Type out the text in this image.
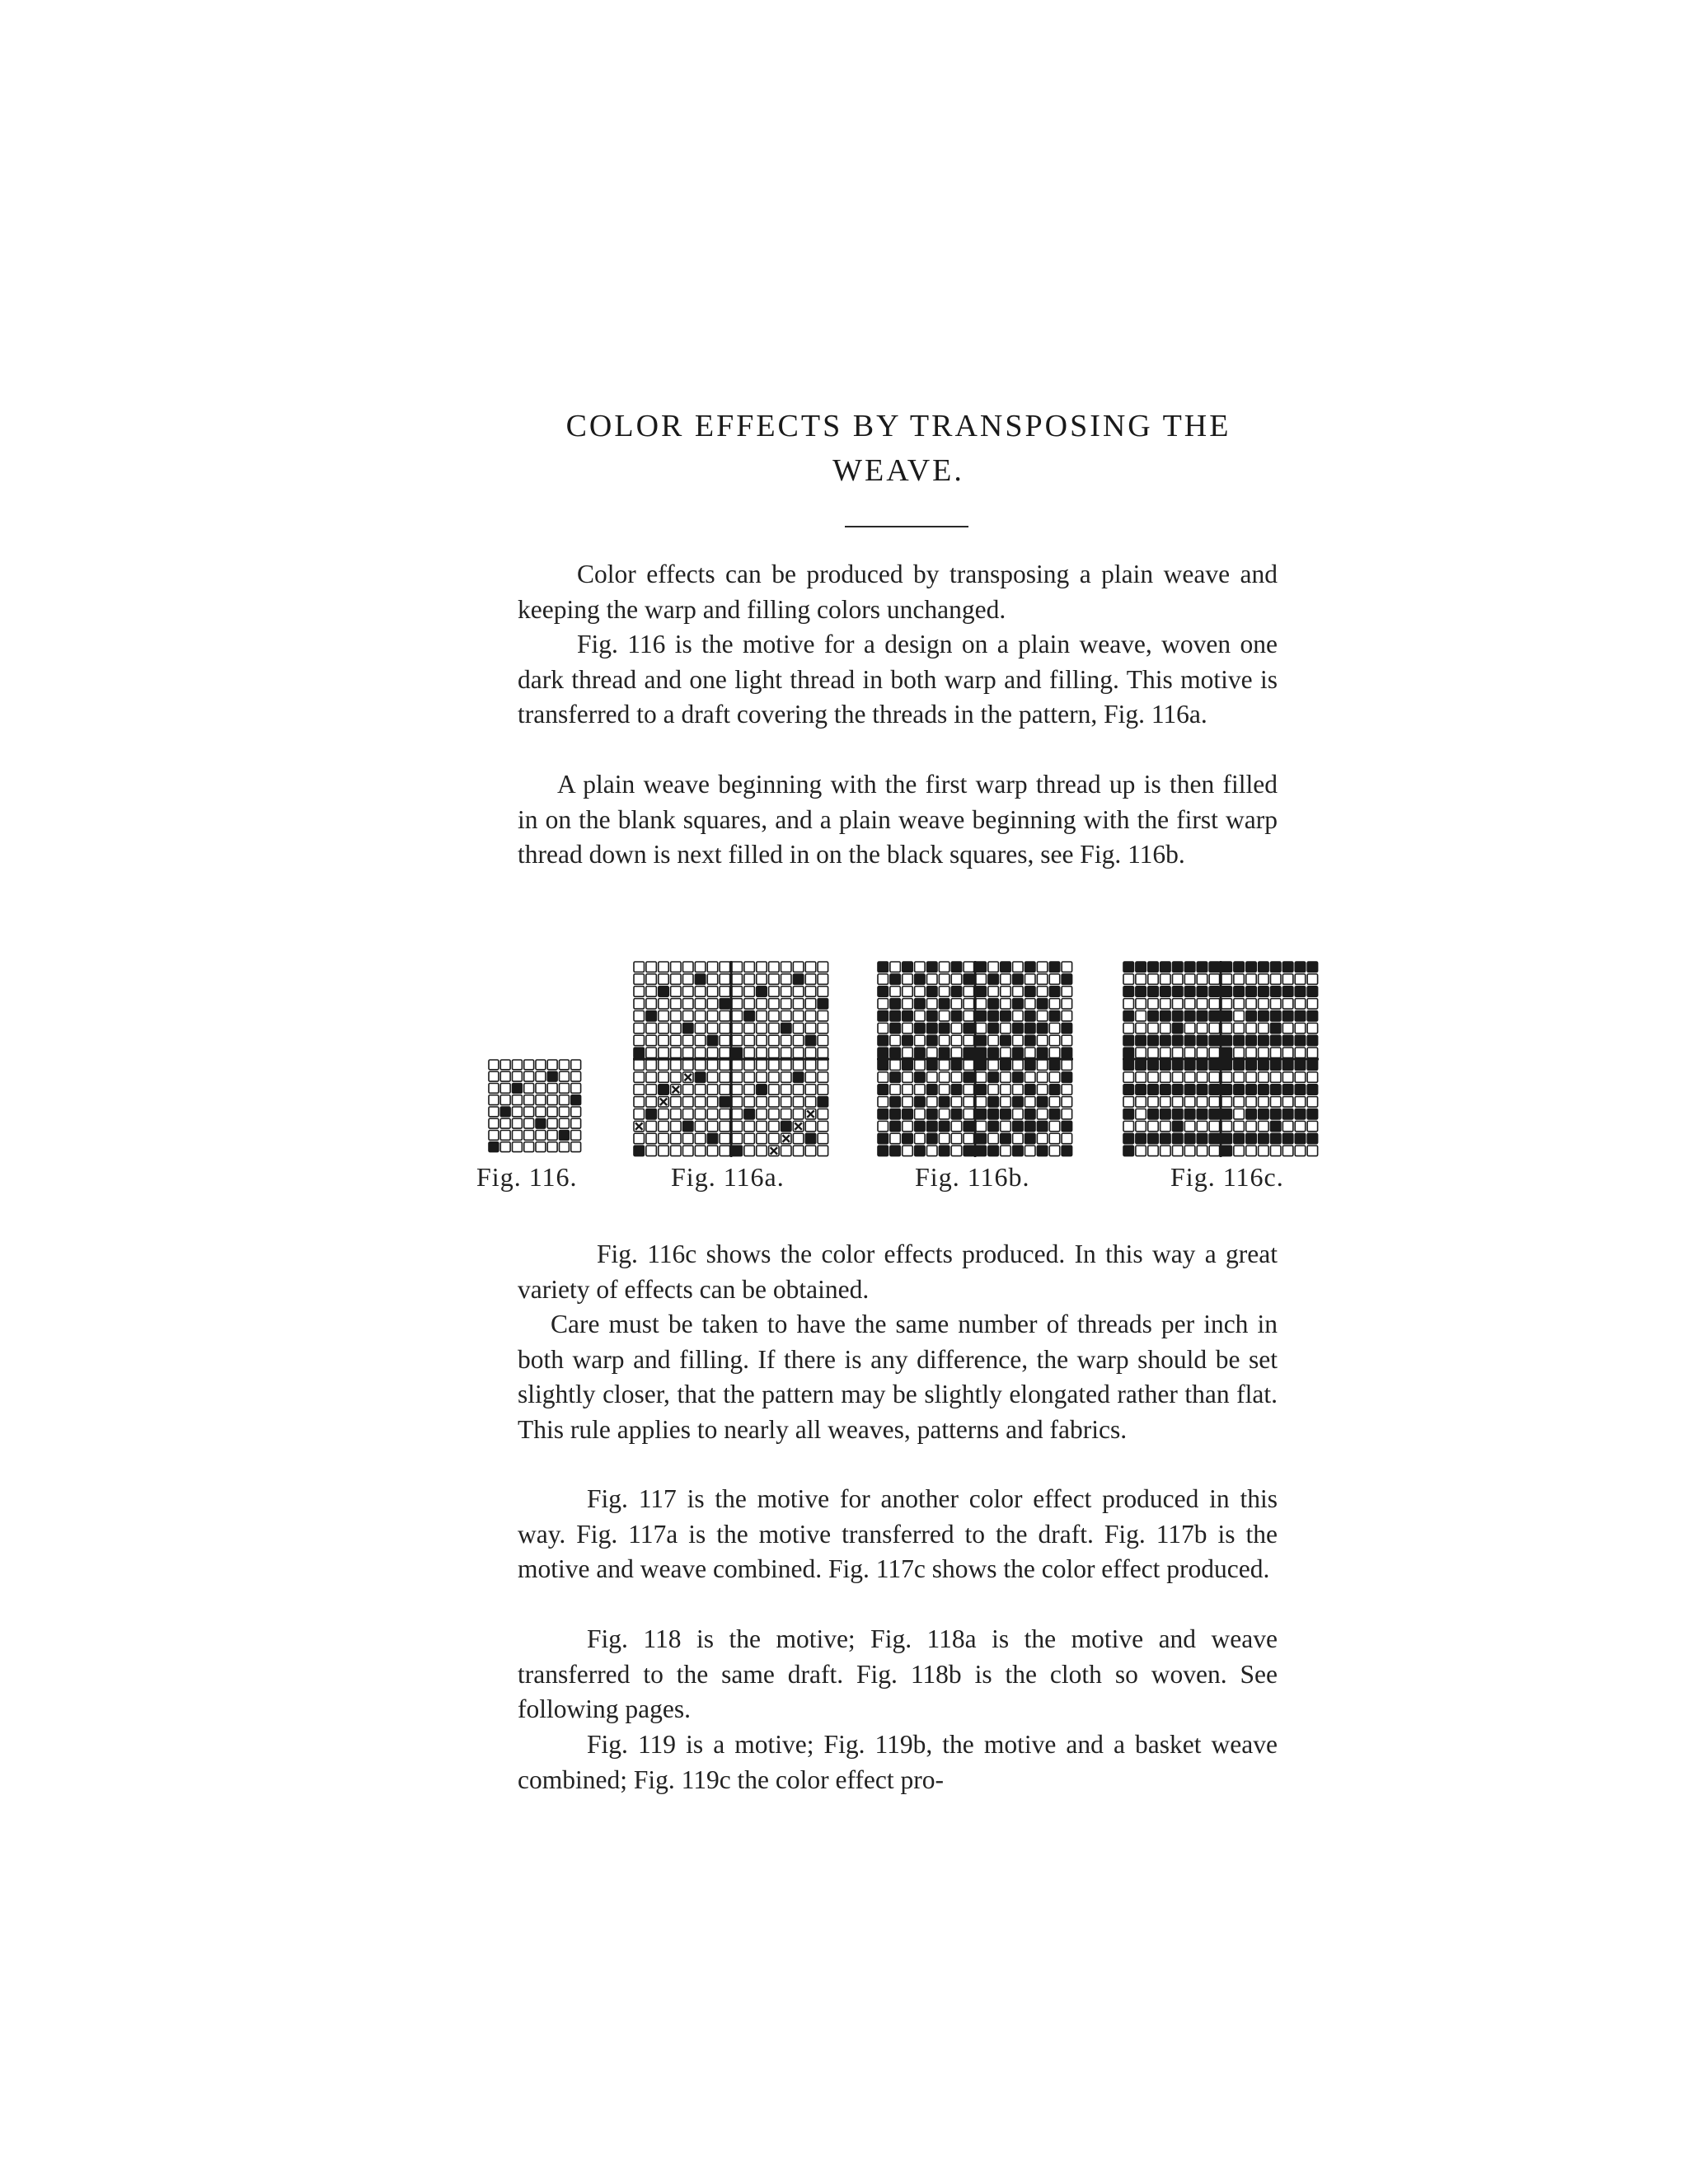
COLOR EFFECTS BY TRANSPOSING THE
WEAVE.

Color effects can be produced by transposing a plain weave and keeping the warp and filling colors unchanged.

Fig. 116 is the motive for a design on a plain weave, woven one dark thread and one light thread in both warp and filling. This motive is transferred to a draft covering the threads in the pattern, Fig. 116a.

A plain weave beginning with the first warp thread up is then filled in on the blank squares, and a plain weave beginning with the first warp thread down is next filled in on the black squares, see Fig. 116b.

Fig. 116.	Fig. 116a.	Fig. 116b.	Fig. 116c.

Fig. 116c shows the color effects produced. In this way a great variety of effects can be obtained.

Care must be taken to have the same number of threads per inch in both warp and filling. If there is any difference, the warp should be set slightly closer, that the pattern may be slightly elongated rather than flat. This rule applies to nearly all weaves, patterns and fabrics.

Fig. 117 is the motive for another color effect produced in this way. Fig. 117a is the motive transferred to the draft. Fig. 117b is the motive and weave combined. Fig. 117c shows the color effect produced.

Fig. 118 is the motive; Fig. 118a is the motive and weave transferred to the same draft. Fig. 118b is the cloth so woven. See following pages.

Fig. 119 is a motive; Fig. 119b, the motive and a basket weave combined; Fig. 119c the color effect pro-
